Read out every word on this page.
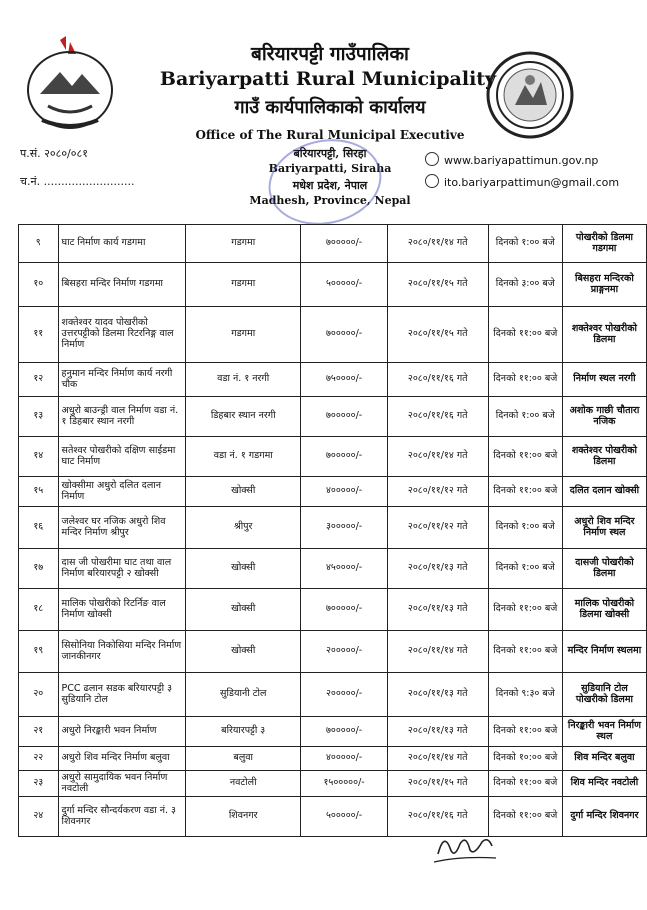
बरियारपट्टी गाउँपालिका
Bariyarpatti Rural Municipality
गाउँ कार्यपालिकाको कार्यालय
Office of The Rural Municipal Executive
बरियारपट्टी, सिरहा
Bariyarpatti, Siraha
मधेश प्रदेश, नेपाल
Madhesh, Province, Nepal
प.सं. २०८०/०८१
च.नं. ..........................
www.bariyapattimun.gov.np
ito.bariyarpattimun@gmail.com
९	घाट निर्माण कार्य गडगमा	गडगमा	७०००००/-	२०८०/११/१४ गते	दिनको १:०० बजे	पोखरीको डिलमा गडगमा
१०	बिसहरा मन्दिर निर्माण गडगमा	गडगमा	५०००००/-	२०८०/११/१५ गते	दिनको ३:०० बजे	बिसहरा मन्दिरको प्राङ्गनमा
११	शक्तेश्वर यादव पोखरीको उत्तरपट्टीको डिलमा रिटरनिङ्ग वाल निर्माण	गडगमा	७०००००/-	२०८०/११/१५ गते	दिनको ११:०० बजे	शक्तेश्वर पोखरीको डिलमा
१२	हनुमान मन्दिर निर्माण कार्य नरगी चौक	वडा नं. १ नरगी	७५००००/-	२०८०/११/१६ गते	दिनको ११:०० बजे	निर्माण स्थल नरगी
१३	अधुरो बाउन्ड्री वाल निर्माण वडा नं. १ डिहबार स्थान नरगी	डिहबार स्थान नरगी	७०००००/-	२०८०/११/१६ गते	दिनको १:०० बजे	अशोक गाछी चौतारा नजिक
१४	सतेश्वर पोखरीको दक्षिण साईडमा घाट निर्माण	वडा नं. १ गडगमा	७०००००/-	२०८०/११/१४ गते	दिनको ११:०० बजे	शक्तेश्वर पोखरीको डिलमा
१५	खोक्सीमा अधुरो दलित दलान निर्माण	खोक्सी	४०००००/-	२०८०/११/१२ गते	दिनको ११:०० बजे	दलित दलान खोक्सी
१६	जलेश्वर घर नजिक अधुरो शिव मन्दिर निर्माण श्रीपुर	श्रीपुर	३०००००/-	२०८०/११/१२ गते	दिनको १:०० बजे	अधुरो शिव मन्दिर निर्माण स्थल
१७	दास जी पोखरीमा घाट तथा वाल निर्माण बरियारपट्टी २ खोक्सी	खोक्सी	४५००००/-	२०८०/११/१३ गते	दिनको १:०० बजे	दासजी पोखरीको डिलमा
१८	मालिक पोखरीको रिटर्निङ वाल निर्माण खोक्सी	खोक्सी	७०००००/-	२०८०/११/१३ गते	दिनको ११:०० बजे	मालिक पोखरीको डिलमा खोक्सी
१९	सिसोनिया निकोसिया मन्दिर निर्माण जानकीनगर	खोक्सी	२०००००/-	२०८०/११/१४ गते	दिनको ११:०० बजे	मन्दिर निर्माण स्थलमा
२०	PCC ढलान सडक बरियारपट्टी ३ सुडियानि टोल	सुडियानी टोल	२०००००/-	२०८०/११/१३ गते	दिनको ९:३० बजे	सुडियानि टोल पोखरीको डिलमा
२१	अधुरो निरङ्कारी भवन निर्माण	बरियारपट्टी ३	७०००००/-	२०८०/११/१३ गते	दिनको ११:०० बजे	निरङ्कारी भवन निर्माण स्थल
२२	अधुरो शिव मन्दिर निर्माण बलुवा	बलुवा	४०००००/-	२०८०/११/१४ गते	दिनको १०:०० बजे	शिव मन्दिर बलुवा
२३	अधुरो सामुदायिक भवन निर्माण नवटोली	नवटोली	१५०००००/-	२०८०/११/१५ गते	दिनको ११:०० बजे	शिव मन्दिर नवटोली
२४	दुर्गा मन्दिर सौन्दर्यकरण वडा नं. ३ शिवनगर	शिवनगर	५०००००/-	२०८०/११/१६ गते	दिनको ११:०० बजे	दुर्गा मन्दिर शिवनगर
